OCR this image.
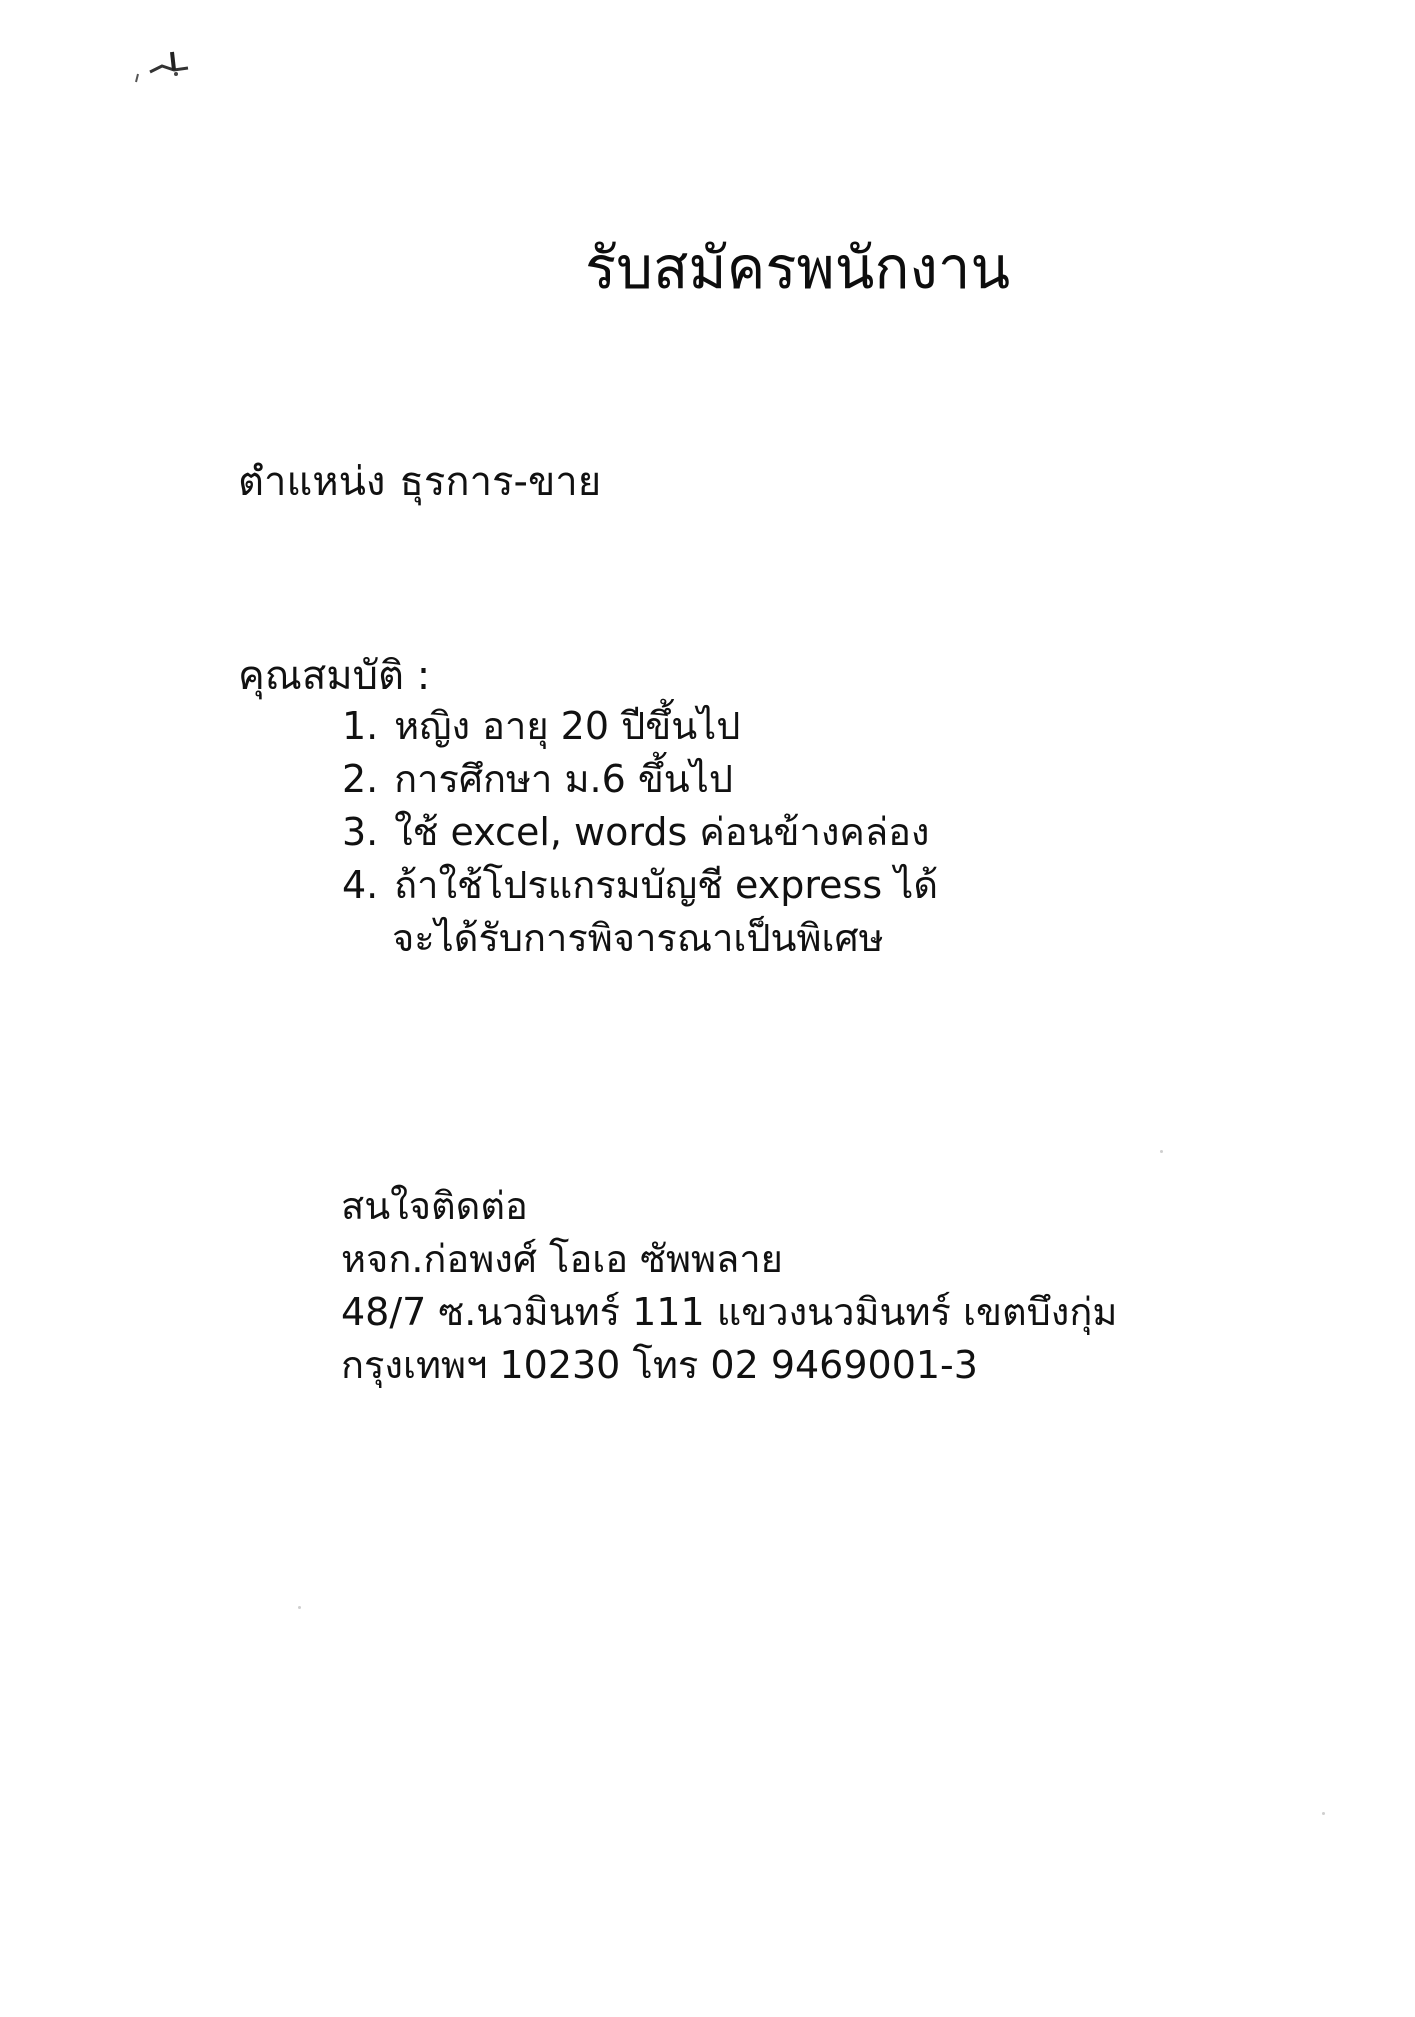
รับสมัครพนักงาน
ตำแหน่ง ธุรการ-ขาย
คุณสมบัติ :
1. หญิง อายุ 20 ปีขึ้นไป
2. การศึกษา ม.6 ขึ้นไป
3. ใช้ excel, words ค่อนข้างคล่อง
4. ถ้าใช้โปรแกรมบัญชี express ได้
จะได้รับการพิจารณาเป็นพิเศษ
สนใจติดต่อ
หจก.ก่อพงศ์ โอเอ ซัพพลาย
48/7 ซ.นวมินทร์ 111 แขวงนวมินทร์ เขตบึงกุ่ม
กรุงเทพฯ 10230 โทร 02 9469001-3
